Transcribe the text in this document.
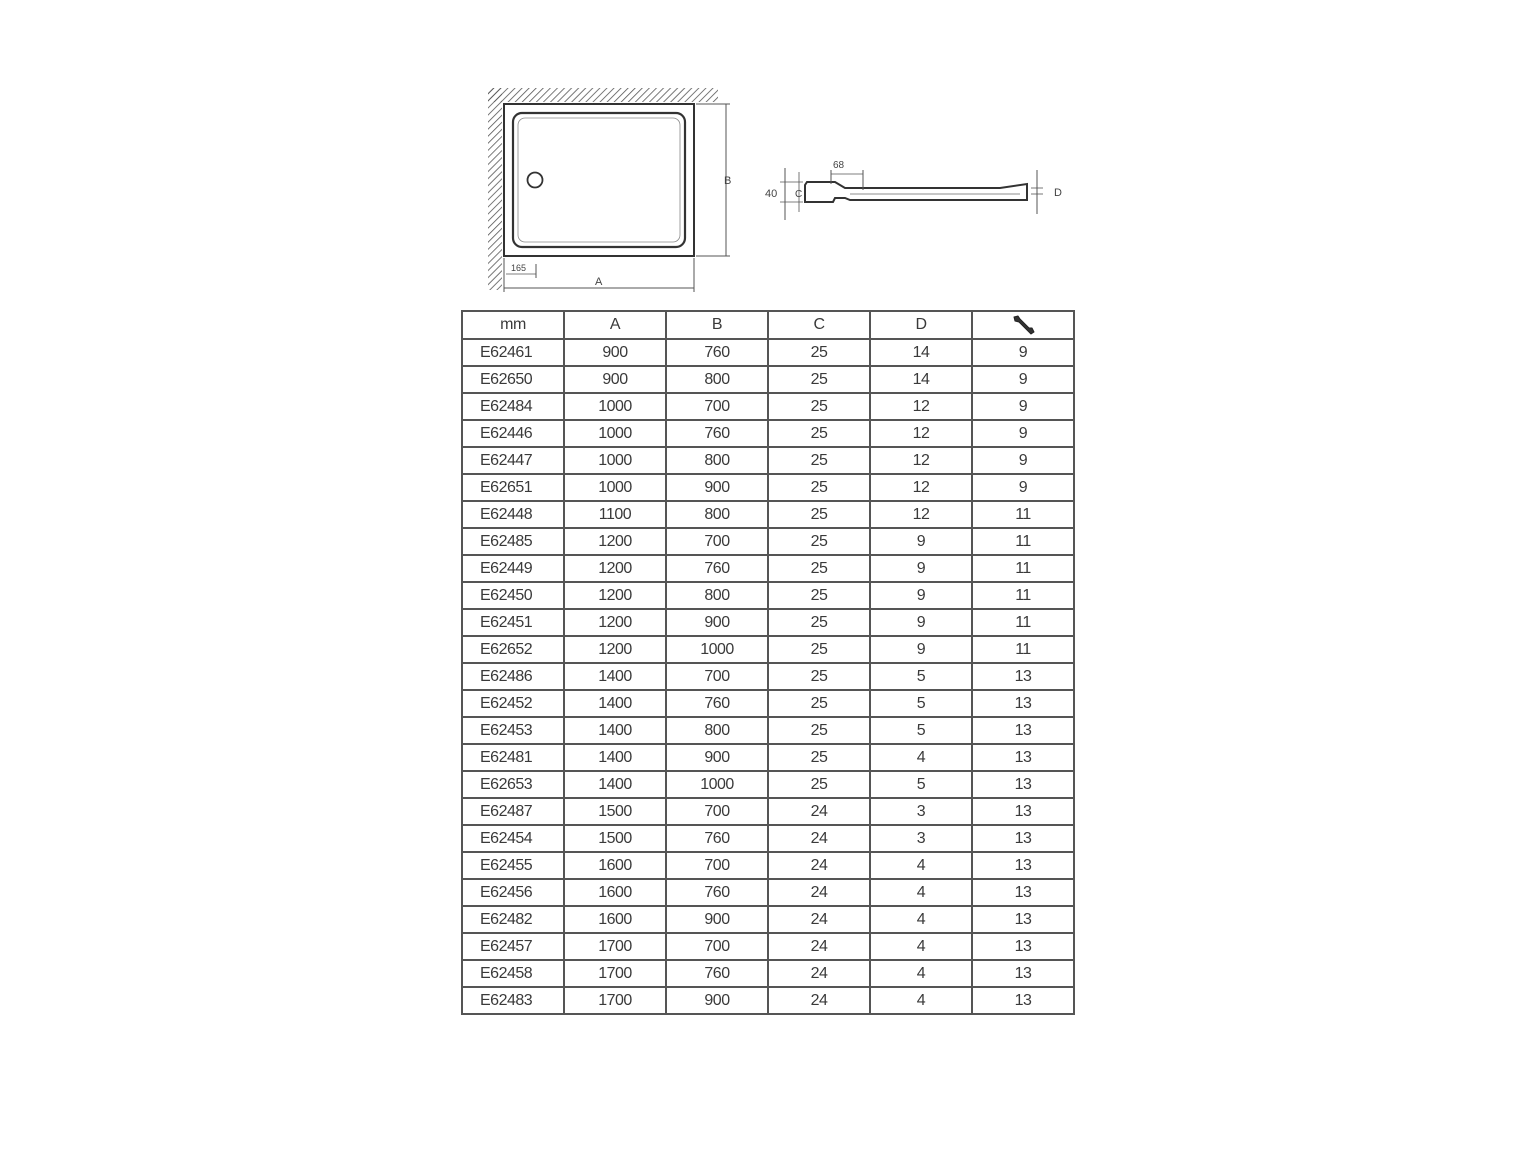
B
A
165
68
40 C	D
mm	A	B	C	D	
E62461	900	760	25	14	9
E62650	900	800	25	14	9
E62484	1000	700	25	12	9
E62446	1000	760	25	12	9
E62447	1000	800	25	12	9
E62651	1000	900	25	12	9
E62448	1100	800	25	12	11
E62485	1200	700	25	9	11
E62449	1200	760	25	9	11
E62450	1200	800	25	9	11
E62451	1200	900	25	9	11
E62652	1200	1000	25	9	11
E62486	1400	700	25	5	13
E62452	1400	760	25	5	13
E62453	1400	800	25	5	13
E62481	1400	900	25	4	13
E62653	1400	1000	25	5	13
E62487	1500	700	24	3	13
E62454	1500	760	24	3	13
E62455	1600	700	24	4	13
E62456	1600	760	24	4	13
E62482	1600	900	24	4	13
E62457	1700	700	24	4	13
E62458	1700	760	24	4	13
E62483	1700	900	24	4	13
